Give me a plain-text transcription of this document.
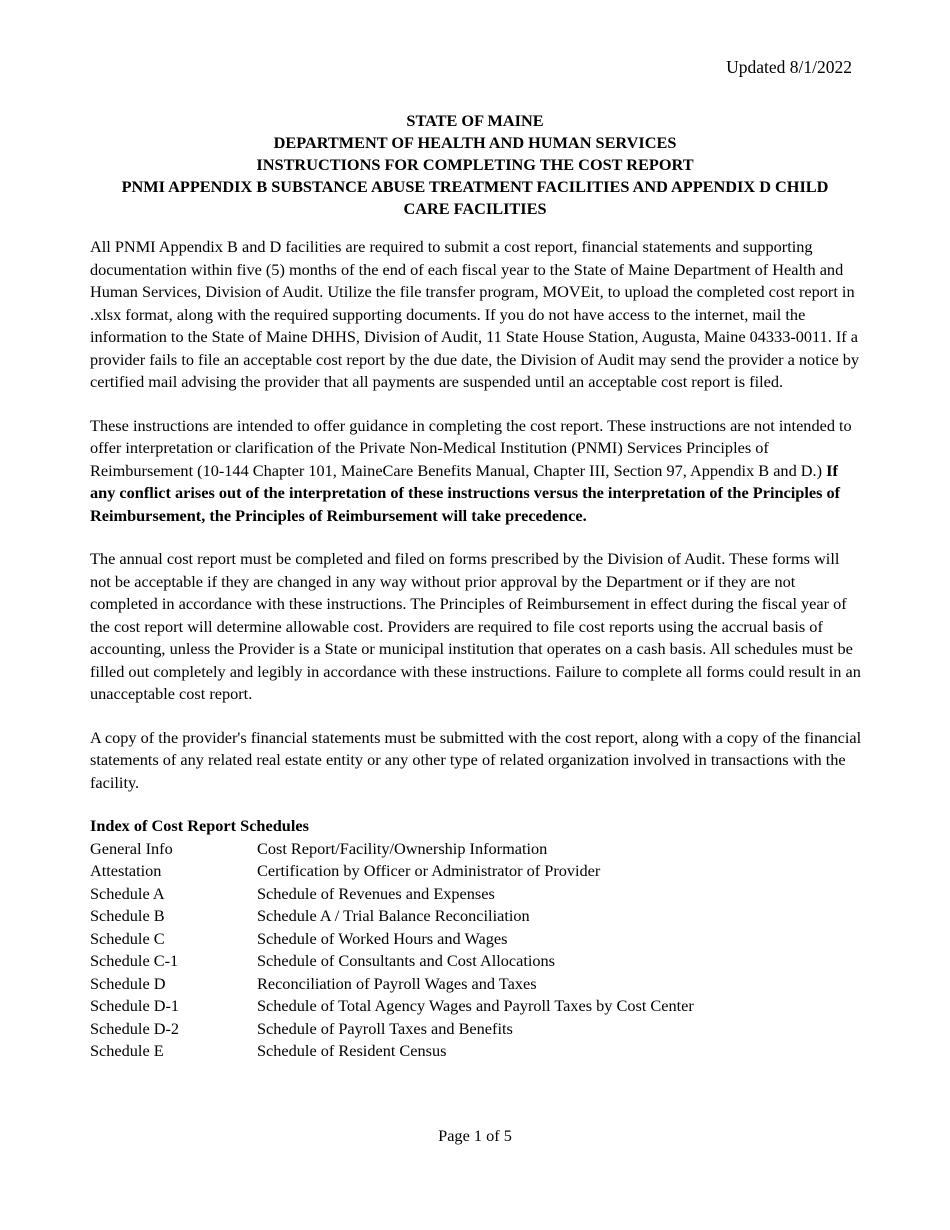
Updated 8/1/2022
STATE OF MAINE
DEPARTMENT OF HEALTH AND HUMAN SERVICES
INSTRUCTIONS FOR COMPLETING THE COST REPORT
PNMI APPENDIX B SUBSTANCE ABUSE TREATMENT FACILITIES AND APPENDIX D CHILD CARE FACILITIES

All PNMI Appendix B and D facilities are required to submit a cost report, financial statements and supporting documentation within five (5) months of the end of each fiscal year to the State of Maine Department of Health and Human Services, Division of Audit. Utilize the file transfer program, MOVEit, to upload the completed cost report in .xlsx format, along with the required supporting documents. If you do not have access to the internet, mail the information to the State of Maine DHHS, Division of Audit, 11 State House Station, Augusta, Maine 04333-0011. If a provider fails to file an acceptable cost report by the due date, the Division of Audit may send the provider a notice by certified mail advising the provider that all payments are suspended until an acceptable cost report is filed.

These instructions are intended to offer guidance in completing the cost report. These instructions are not intended to offer interpretation or clarification of the Private Non-Medical Institution (PNMI) Services Principles of Reimbursement (10-144 Chapter 101, MaineCare Benefits Manual, Chapter III, Section 97, Appendix B and D.) If any conflict arises out of the interpretation of these instructions versus the interpretation of the Principles of Reimbursement, the Principles of Reimbursement will take precedence.

The annual cost report must be completed and filed on forms prescribed by the Division of Audit. These forms will not be acceptable if they are changed in any way without prior approval by the Department or if they are not completed in accordance with these instructions. The Principles of Reimbursement in effect during the fiscal year of the cost report will determine allowable cost. Providers are required to file cost reports using the accrual basis of accounting, unless the Provider is a State or municipal institution that operates on a cash basis. All schedules must be filled out completely and legibly in accordance with these instructions. Failure to complete all forms could result in an unacceptable cost report.

A copy of the provider's financial statements must be submitted with the cost report, along with a copy of the financial statements of any related real estate entity or any other type of related organization involved in transactions with the facility.

Index of Cost Report Schedules

General Info	Cost Report/Facility/Ownership Information
Attestation	Certification by Officer or Administrator of Provider
Schedule A	Schedule of Revenues and Expenses
Schedule B	Schedule A / Trial Balance Reconciliation
Schedule C	Schedule of Worked Hours and Wages
Schedule C-1	Schedule of Consultants and Cost Allocations
Schedule D	Reconciliation of Payroll Wages and Taxes
Schedule D-1	Schedule of Total Agency Wages and Payroll Taxes by Cost Center
Schedule D-2	Schedule of Payroll Taxes and Benefits
Schedule E	Schedule of Resident Census
Page 1 of 5
